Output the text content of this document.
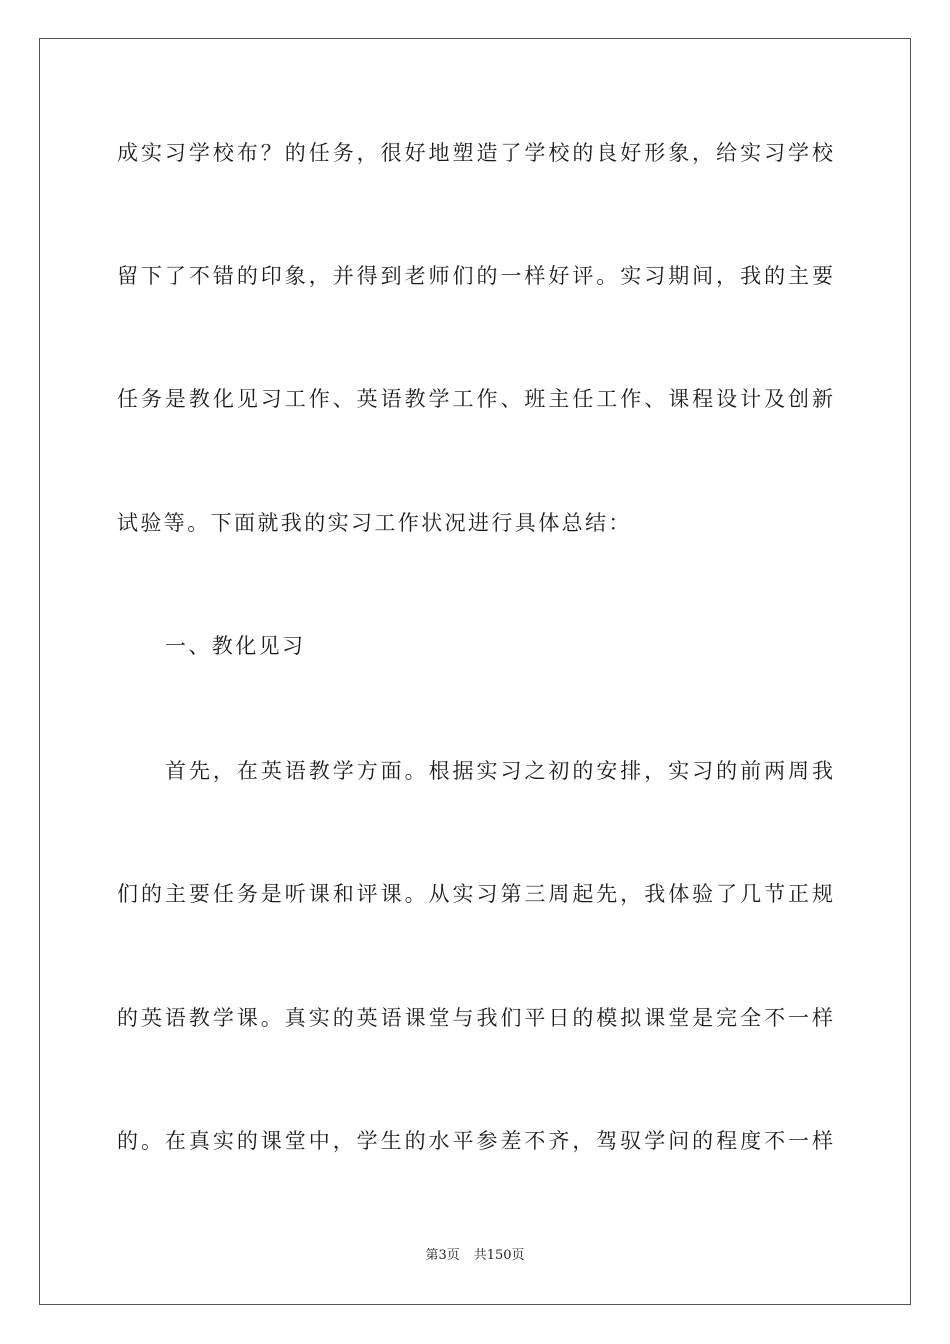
成实习学校布？的任务，很好地塑造了学校的良好形象，给实习学校
留下了不错的印象，并得到老师们的一样好评。实习期间，我的主要
任务是教化见习工作、英语教学工作、班主任工作、课程设计及创新
试验等。下面就我的实习工作状况进行具体总结：
一、教化见习
首先，在英语教学方面。根据实习之初的安排，实习的前两周我
们的主要任务是听课和评课。从实习第三周起先，我体验了几节正规
的英语教学课。真实的英语课堂与我们平日的模拟课堂是完全不一样
的。在真实的课堂中，学生的水平参差不齐，驾驭学问的程度不一样
第3页 共150页
